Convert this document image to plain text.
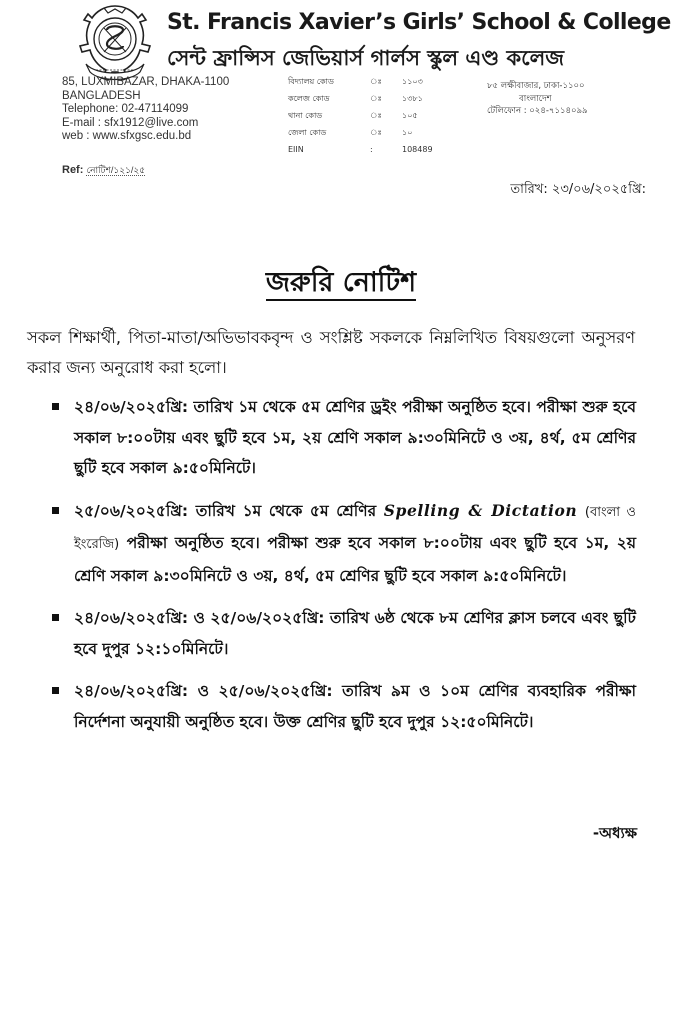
St. Francis Xavier’s Girls’ School & College
সেন্ট ফ্রান্সিস জেভিয়ার্স গার্লস স্কুল এণ্ড কলেজ
85, LUXMIBAZAR, DHAKA-1100
BANGLADESH
Telephone: 02-47114099
E-mail : sfx1912@live.com
web : www.sfxgsc.edu.bd
Ref: নোটিশ/১২১/২৫
বিদ্যালয় কোড	ঃ	১১০৩
কলেজ কোড	ঃ	১৩৮১
থানা কোড	ঃ	১০৫
জেলা কোড	ঃ	১০
EIIN	:	108489
৮৫ লক্ষীবাজার, ঢাকা-১১০০
বাংলাদেশ
টেলিফোন : ০২৪-৭১১৪০৯৯
তারিখ: ২৩/০৬/২০২৫খ্রি:
জরুরি নোটিশ
সকল শিক্ষার্থী, পিতা-মাতা/অভিভাবকবৃন্দ ও সংশ্লিষ্ট সকলকে নিম্নলিখিত বিষয়গুলো অনুসরণ করার জন্য অনুরোধ করা হলো।
২৪/০৬/২০২৫খ্রি: তারিখ ১ম থেকে ৫ম শ্রেণির ড্রইং পরীক্ষা অনুষ্ঠিত হবে। পরীক্ষা শুরু হবে সকাল ৮:০০টায় এবং ছুটি হবে ১ম, ২য় শ্রেণি সকাল ৯:৩০মিনিটে ও ৩য়, ৪র্থ, ৫ম শ্রেণির ছুটি হবে সকাল ৯:৫০মিনিটে।
২৫/০৬/২০২৫খ্রি: তারিখ ১ম থেকে ৫ম শ্রেণির Spelling & Dictation (বাংলা ও ইংরেজি) পরীক্ষা অনুষ্ঠিত হবে। পরীক্ষা শুরু হবে সকাল ৮:০০টায় এবং ছুটি হবে ১ম, ২য় শ্রেণি সকাল ৯:৩০মিনিটে ও ৩য়, ৪র্থ, ৫ম শ্রেণির ছুটি হবে সকাল ৯:৫০মিনিটে।
২৪/০৬/২০২৫খ্রি: ও ২৫/০৬/২০২৫খ্রি: তারিখ ৬ষ্ঠ থেকে ৮ম শ্রেণির ক্লাস চলবে এবং ছুটি হবে দুপুর ১২:১০মিনিটে।
২৪/০৬/২০২৫খ্রি: ও ২৫/০৬/২০২৫খ্রি: তারিখ ৯ম ও ১০ম শ্রেণির ব্যবহারিক পরীক্ষা নির্দেশনা অনুযায়ী অনুষ্ঠিত হবে। উক্ত শ্রেণির ছুটি হবে দুপুর ১২:৫০মিনিটে।
-অধ্যক্ষ
